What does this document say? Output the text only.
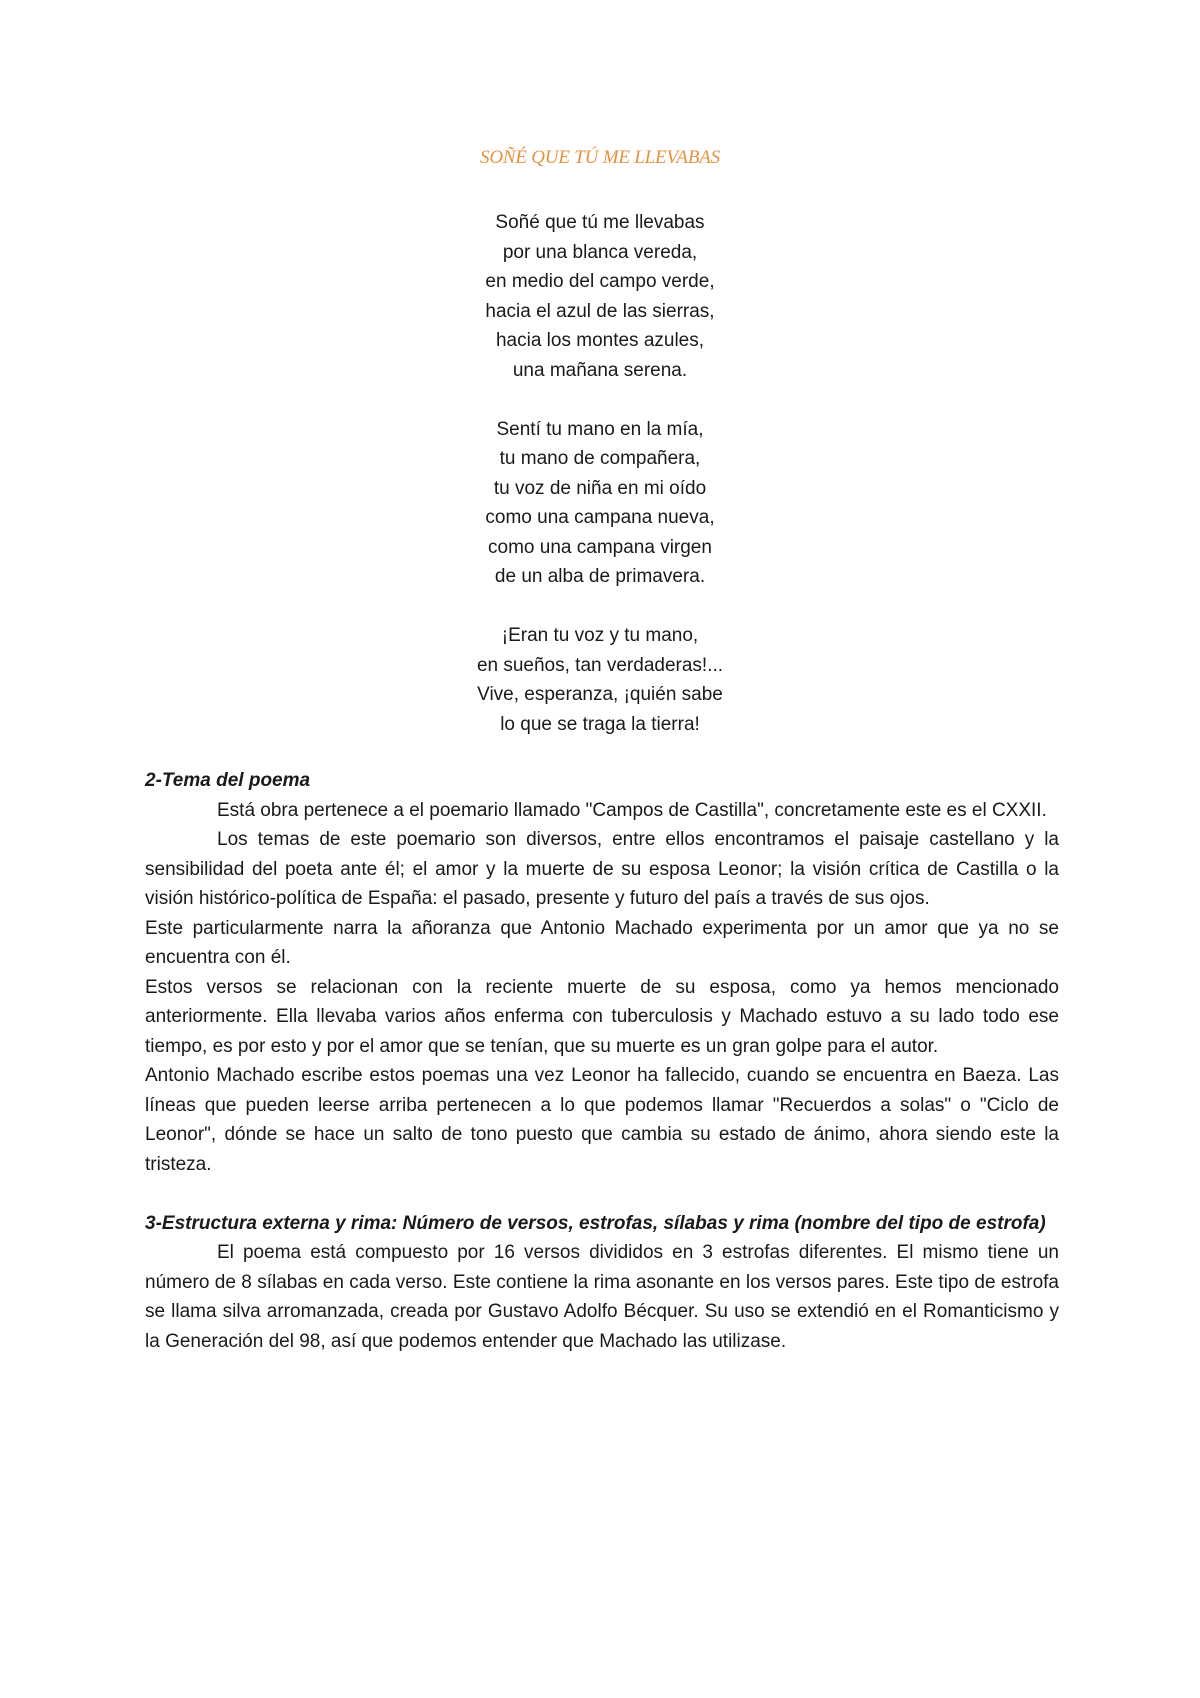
SOÑÉ QUE TÚ ME LLEVABAS
Soñé que tú me llevabas
por una blanca vereda,
en medio del campo verde,
hacia el azul de las sierras,
hacia los montes azules,
una mañana serena.
Sentí tu mano en la mía,
tu mano de compañera,
tu voz de niña en mi oído
como una campana nueva,
como una campana virgen
de un alba de primavera.
¡Eran tu voz y tu mano,
en sueños, tan verdaderas!...
Vive, esperanza, ¡quién sabe
lo que se traga la tierra!

2-Tema del poema

Está obra pertenece a el poemario llamado "Campos de Castilla", concretamente este es el CXXII.

Los temas de este poemario son diversos, entre ellos encontramos el paisaje castellano y la sensibilidad del poeta ante él; el amor y la muerte de su esposa Leonor; la visión crítica de Castilla o la visión histórico-política de España: el pasado, presente y futuro del país a través de sus ojos.

Este particularmente narra la añoranza que Antonio Machado experimenta por un amor que ya no se encuentra con él.

Estos versos se relacionan con la reciente muerte de su esposa, como ya hemos mencionado anteriormente. Ella llevaba varios años enferma con tuberculosis y Machado estuvo a su lado todo ese tiempo, es por esto y por el amor que se tenían, que su muerte es un gran golpe para el autor.

Antonio Machado escribe estos poemas una vez Leonor ha fallecido, cuando se encuentra en Baeza. Las líneas que pueden leerse arriba pertenecen a lo que podemos llamar "Recuerdos a solas" o "Ciclo de Leonor", dónde se hace un salto de tono puesto que cambia su estado de ánimo, ahora siendo este la tristeza.

3-Estructura externa y rima: Número de versos, estrofas, sílabas y rima (nombre del tipo de estrofa)

El poema está compuesto por 16 versos divididos en 3 estrofas diferentes. El mismo tiene un número de 8 sílabas en cada verso. Este contiene la rima asonante en los versos pares. Este tipo de estrofa se llama silva arromanzada, creada por Gustavo Adolfo Bécquer. Su uso se extendió en el Romanticismo y la Generación del 98, así que podemos entender que Machado las utilizase.
